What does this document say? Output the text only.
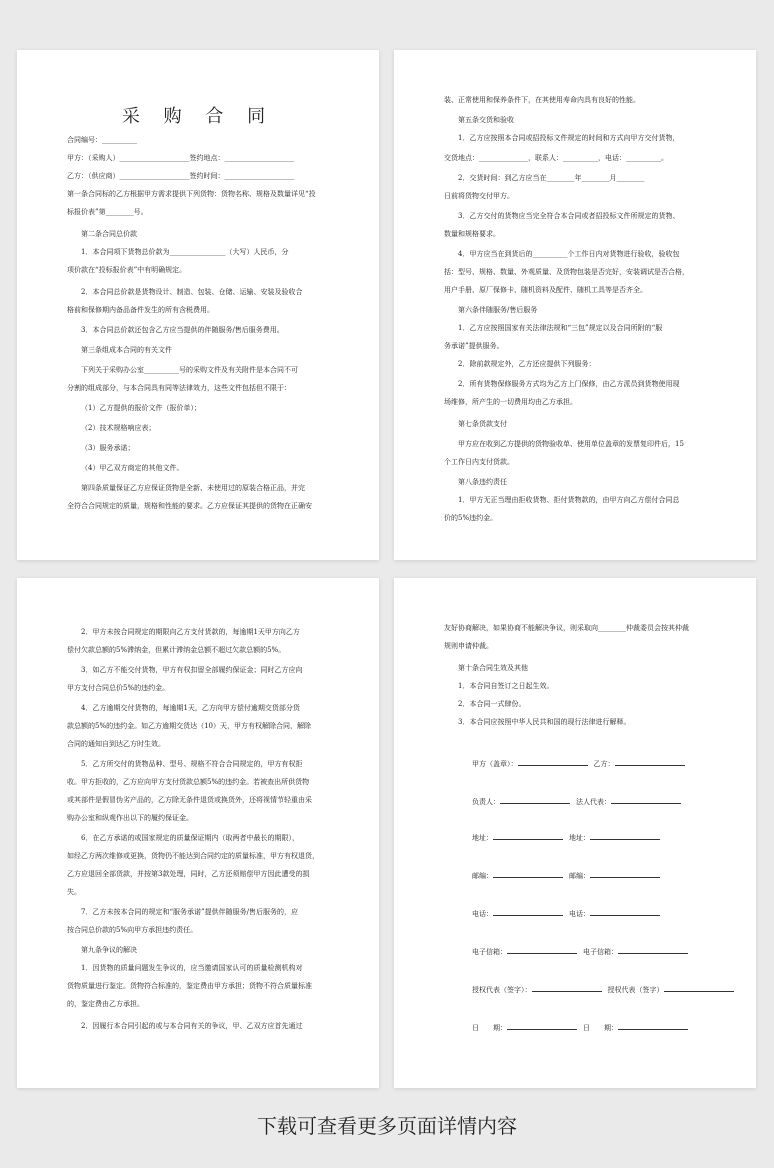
采 购 合 同
合同编号：__________
甲方：（采购人）____________________签约地点：____________________
乙方：（供应商）____________________签约时间：____________________
第一条合同标的乙方根据甲方需求提供下列货物：货物名称、规格及数量详见“投
标报价表”第________号。
第二条合同总价款
1．本合同项下货物总价款为________________（大写）人民币，分
项价款在“投标报价表”中有明确规定。
2．本合同总价款是货物设计、制造、包装、仓储、运输、安装及验收合
格前和保修期内备品备件发生的所有含税费用。
3．本合同总价款还包含乙方应当提供的伴随服务/售后服务费用。
第三条组成本合同的有关文件
下列关于采购办公室__________号的采购文件及有关附件是本合同不可
分割的组成部分，与本合同具有同等法律效力，这些文件包括但不限于：
（1）乙方提供的报价文件（报价单）；
（2）技术规格响应表；
（3）服务承诺；
（4）甲乙双方商定的其他文件。
第四条质量保证乙方应保证货物是全新、未使用过的原装合格正品，并完
全符合合同规定的质量，规格和性能的要求。乙方应保证其提供的货物在正确安
装、正常使用和保养条件下，在其使用寿命内具有良好的性能。
第五条交货和验收
1．乙方应按照本合同或招投标文件规定的时间和方式向甲方交付货物，
交货地点：______________，联系人：__________，电话：__________。
2．交货时间：到乙方应当在________年________月________
日前将货物交付甲方。
3．乙方交付的货物应当完全符合本合同或者招投标文件所规定的货物、
数量和规格要求。
4．甲方应当在到货后的__________个工作日内对货物进行验收，验收包
括：型号、规格、数量、外观质量、及货物包装是否完好，安装调试是否合格，
用户手册、原厂保修卡、随机资料及配件、随机工具等是否齐全。
第六条伴随服务/售后服务
1．乙方应按照国家有关法律法规和“三包”规定以及合同所附的“服
务承诺”提供服务。
2．除前款规定外，乙方还应提供下列服务：
2．所有货物保修服务方式均为乙方上门保修，由乙方派员到货物使用现
场维修，所产生的一切费用均由乙方承担。
第七条货款支付
甲方应在收到乙方提供的货物验收单、使用单位盖章的发票复印件后，15
个工作日内支付货款。
第八条违约责任
1．甲方无正当理由拒收货物、拒付货物款的，由甲方向乙方偿付合同总
价的5%违约金。
2．甲方未按合同规定的期限向乙方支付货款的，每逾期1天甲方向乙方
偿付欠款总额的5%滞纳金，但累计滞纳金总额不超过欠款总额的5%。
3．如乙方不能交付货物，甲方有权扣留全部履约保证金；同时乙方应向
甲方支付合同总价5%的违约金。
4．乙方逾期交付货物的，每逾期1天，乙方向甲方偿付逾期交货部分货
款总额的5%的违约金。如乙方逾期交货达（10）天，甲方有权解除合同，解除
合同的通知自到达乙方时生效。
5．乙方所交付的货物品种、型号、规格不符合合同规定的，甲方有权拒
收。甲方拒收的，乙方应向甲方支付货款总额5%的违约金。若被查出所供货物
或其部件是假冒伪劣产品的，乙方除无条件退货或换货外，还将视情节轻重由采
购办公室和纵观作出以下的履约保证金。
6．在乙方承诺的或国家规定的质量保证期内（取两者中最长的期限），
如经乙方两次维修或更换，货物仍不能达到合同约定的质量标准，甲方有权退货，
乙方应退回全部货款，并按第3款处理，同时，乙方还须赔偿甲方因此遭受的损
失。
7．乙方未按本合同的规定和“服务承诺”提供伴随服务/售后服务的，应
按合同总价款的5%向甲方承担违约责任。
第九条争议的解决
1．因货物的质量问题发生争议的，应当邀请国家认可的质量检测机构对
货物质量进行鉴定。货物符合标准的，鉴定费由甲方承担；货物不符合质量标准
的，鉴定费由乙方承担。
2．因履行本合同引起的或与本合同有关的争议，甲、乙双方应首先通过
友好协商解决，如果协商不能解决争议，则采取向________仲裁委员会按其仲裁
规则申请仲裁。
第十条合同生效及其他
1．本合同自签订之日起生效。
2．本合同一式肆份。
3．本合同应按照中华人民共和国的现行法律进行解释。
甲方（盖章）：	乙方：
负责人：	法人代表：
地址：	地址：
邮编：	邮编：
电话：	电话：
电子信箱：	电子信箱：
授权代表（签字）：	授权代表（签字）
日　　期：	日　　期：
下载可查看更多页面详情内容
